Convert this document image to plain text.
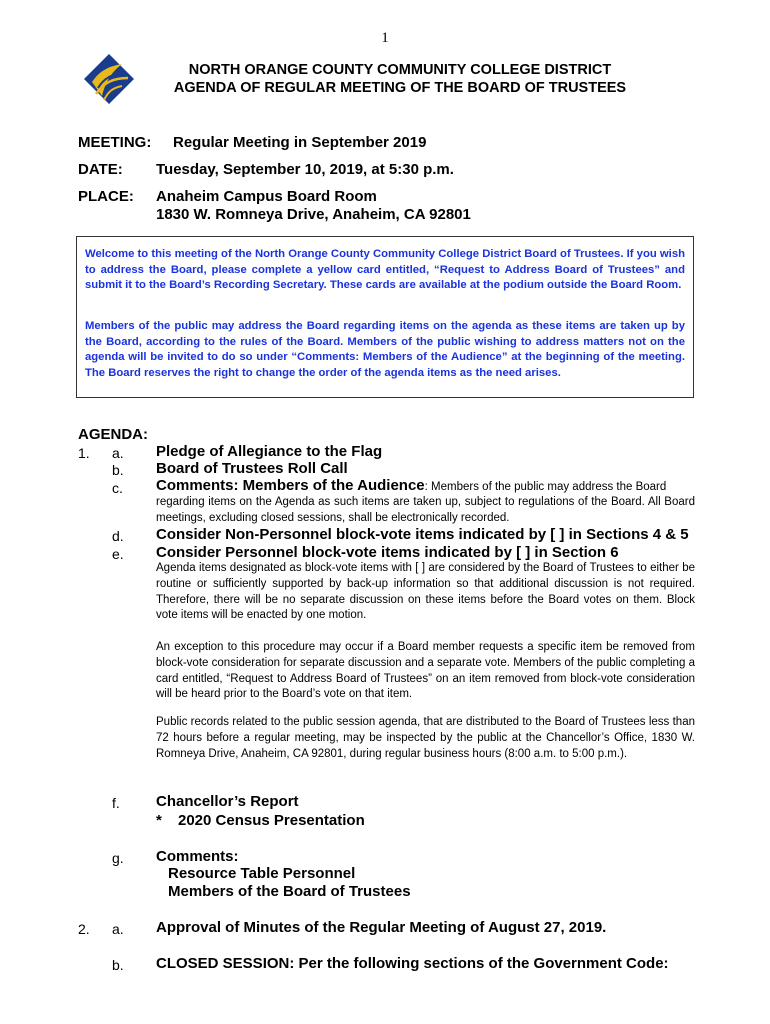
1
NORTH ORANGE COUNTY COMMUNITY COLLEGE DISTRICT
AGENDA OF REGULAR MEETING OF THE BOARD OF TRUSTEES
MEETING: Regular Meeting in September 2019
DATE: Tuesday, September 10, 2019, at 5:30 p.m.
PLACE: Anaheim Campus Board Room
1830 W. Romneya Drive, Anaheim, CA 92801

Welcome to this meeting of the North Orange County Community College District Board of Trustees. If you wish to address the Board, please complete a yellow card entitled, “Request to Address Board of Trustees” and submit it to the Board’s Recording Secretary. These cards are available at the podium outside the Board Room.

Members of the public may address the Board regarding items on the agenda as these items are taken up by the Board, according to the rules of the Board. Members of the public wishing to address matters not on the agenda will be invited to do so under “Comments: Members of the Audience” at the beginning of the meeting. The Board reserves the right to change the order of the agenda items as the need arises.

AGENDA:
1. a. Pledge of Allegiance to the Flag
b. Board of Trustees Roll Call
c. Comments: Members of the Audience: Members of the public may address the Board
regarding items on the Agenda as such items are taken up, subject to regulations of the Board. All Board meetings, excluding closed sessions, shall be electronically recorded.
d. Consider Non-Personnel block-vote items indicated by [ ] in Sections 4 & 5
e. Consider Personnel block-vote items indicated by [ ] in Section 6
Agenda items designated as block-vote items with [ ] are considered by the Board of Trustees to either be routine or sufficiently supported by back-up information so that additional discussion is not required. Therefore, there will be no separate discussion on these items before the Board votes on them. Block vote items will be enacted by one motion.
An exception to this procedure may occur if a Board member requests a specific item be removed from block-vote consideration for separate discussion and a separate vote. Members of the public completing a card entitled, “Request to Address Board of Trustees” on an item removed from block-vote consideration will be heard prior to the Board’s vote on that item.
Public records related to the public session agenda, that are distributed to the Board of Trustees less than 72 hours before a regular meeting, may be inspected by the public at the Chancellor’s Office, 1830 W. Romneya Drive, Anaheim, CA 92801, during regular business hours (8:00 a.m. to 5:00 p.m.).
f. Chancellor’s Report
* 2020 Census Presentation
g. Comments:
Resource Table Personnel
Members of the Board of Trustees
2. a. Approval of Minutes of the Regular Meeting of August 27, 2019.
b. CLOSED SESSION: Per the following sections of the Government Code:
